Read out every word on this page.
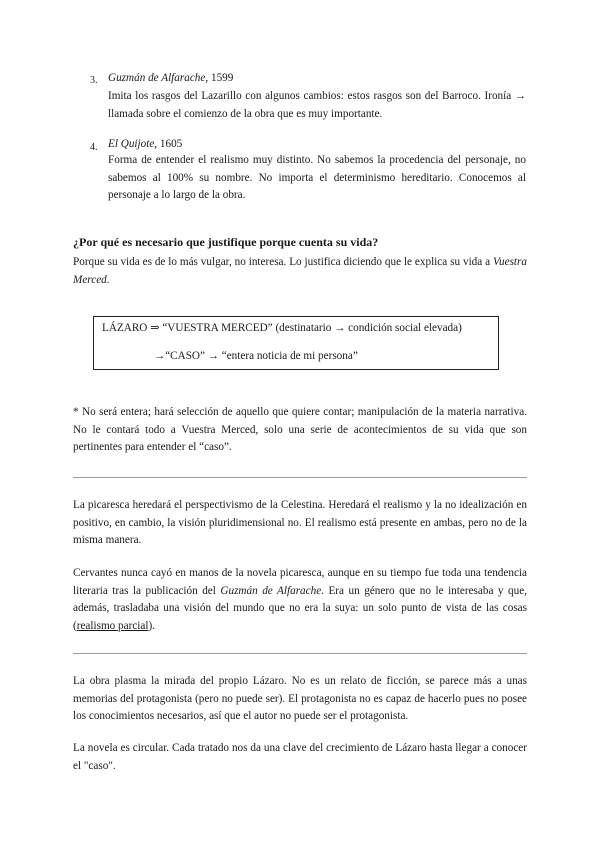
3. Guzmán de Alfarache, 1599
Imita los rasgos del Lazarillo con algunos cambios: estos rasgos son del Barroco. Ironía → llamada sobre el comienzo de la obra que es muy importante.
4. El Quijote, 1605
Forma de entender el realismo muy distinto. No sabemos la procedencia del personaje, no sabemos al 100% su nombre. No importa el determinismo hereditario. Conocemos al personaje a lo largo de la obra.
¿Por qué es necesario que justifique porque cuenta su vida?
Porque su vida es de lo más vulgar, no interesa. Lo justifica diciendo que le explica su vida a Vuestra Merced.
LÁZARO ⇒ “VUESTRA MERCED” (destinatario → condición social elevada)
→“CASO” → “entera noticia de mi persona”
* No será entera; hará selección de aquello que quiere contar; manipulación de la materia narrativa. No le contará todo a Vuestra Merced, solo una serie de acontecimientos de su vida que son pertinentes para entender el “caso”.
La picaresca heredará el perspectivismo de la Celestina. Heredará el realismo y la no idealización en positivo, en cambio, la visión pluridimensional no. El realismo está presente en ambas, pero no de la misma manera.
Cervantes nunca cayó en manos de la novela picaresca, aunque en su tiempo fue toda una tendencia literaria tras la publicación del Guzmán de Alfarache. Era un género que no le interesaba y que, además, trasladaba una visión del mundo que no era la suya: un solo punto de vista de las cosas (realismo parcial).
La obra plasma la mirada del propio Lázaro. No es un relato de ficción, se parece más a unas memorias del protagonista (pero no puede ser). El protagonista no es capaz de hacerlo pues no posee los conocimientos necesarios, así que el autor no puede ser el protagonista.
La novela es circular. Cada tratado nos da una clave del crecimiento de Lázaro hasta llegar a conocer el "caso".
